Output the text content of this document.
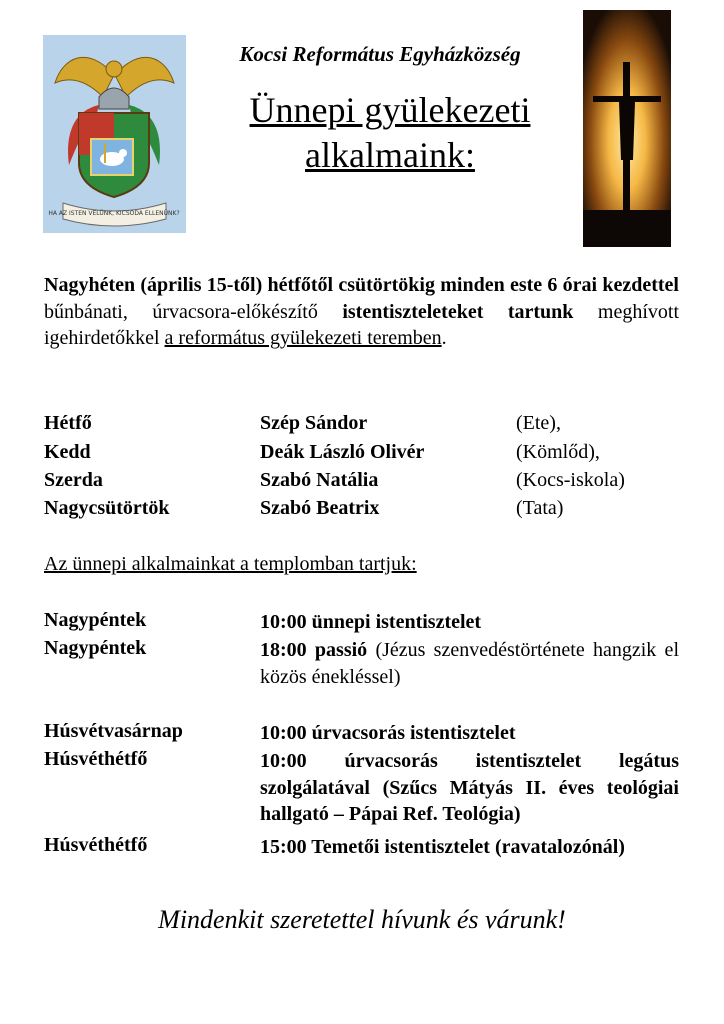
HA AZ ISTEN VELÜNK, KICSODA ELLENÜNK?
Kocsi Református Egyházközség
Ünnepi gyülekezeti
alkalmaink:
Nagyhéten (április 15-től) hétfőtől csütörtökig minden este 6 órai kezdettel bűnbánati, úrvacsora-előkészítő istentiszteleteket tartunk meghívott igehirdetőkkel a református gyülekezeti teremben.
Hétfő	Szép Sándor	(Ete),
Kedd	Deák László Olivér	(Kömlőd),
Szerda	Szabó Natália	(Kocs-iskola)
Nagycsütörtök	Szabó Beatrix	(Tata)
Az ünnepi alkalmainkat a templomban tartjuk:
Nagypéntek	10:00 ünnepi istentisztelet
Nagypéntek	18:00 passió (Jézus szenvedéstörténete hangzik el közös énekléssel)
Húsvétvasárnap	10:00 úrvacsorás istentisztelet
Húsvéthétfő	10:00 úrvacsorás istentisztelet legátus szolgálatával (Szűcs Mátyás II. éves teológiai hallgató – Pápai Ref. Teológia)
Húsvéthétfő	15:00 Temetői istentisztelet (ravatalozónál)
Mindenkit szeretettel hívunk és várunk!
